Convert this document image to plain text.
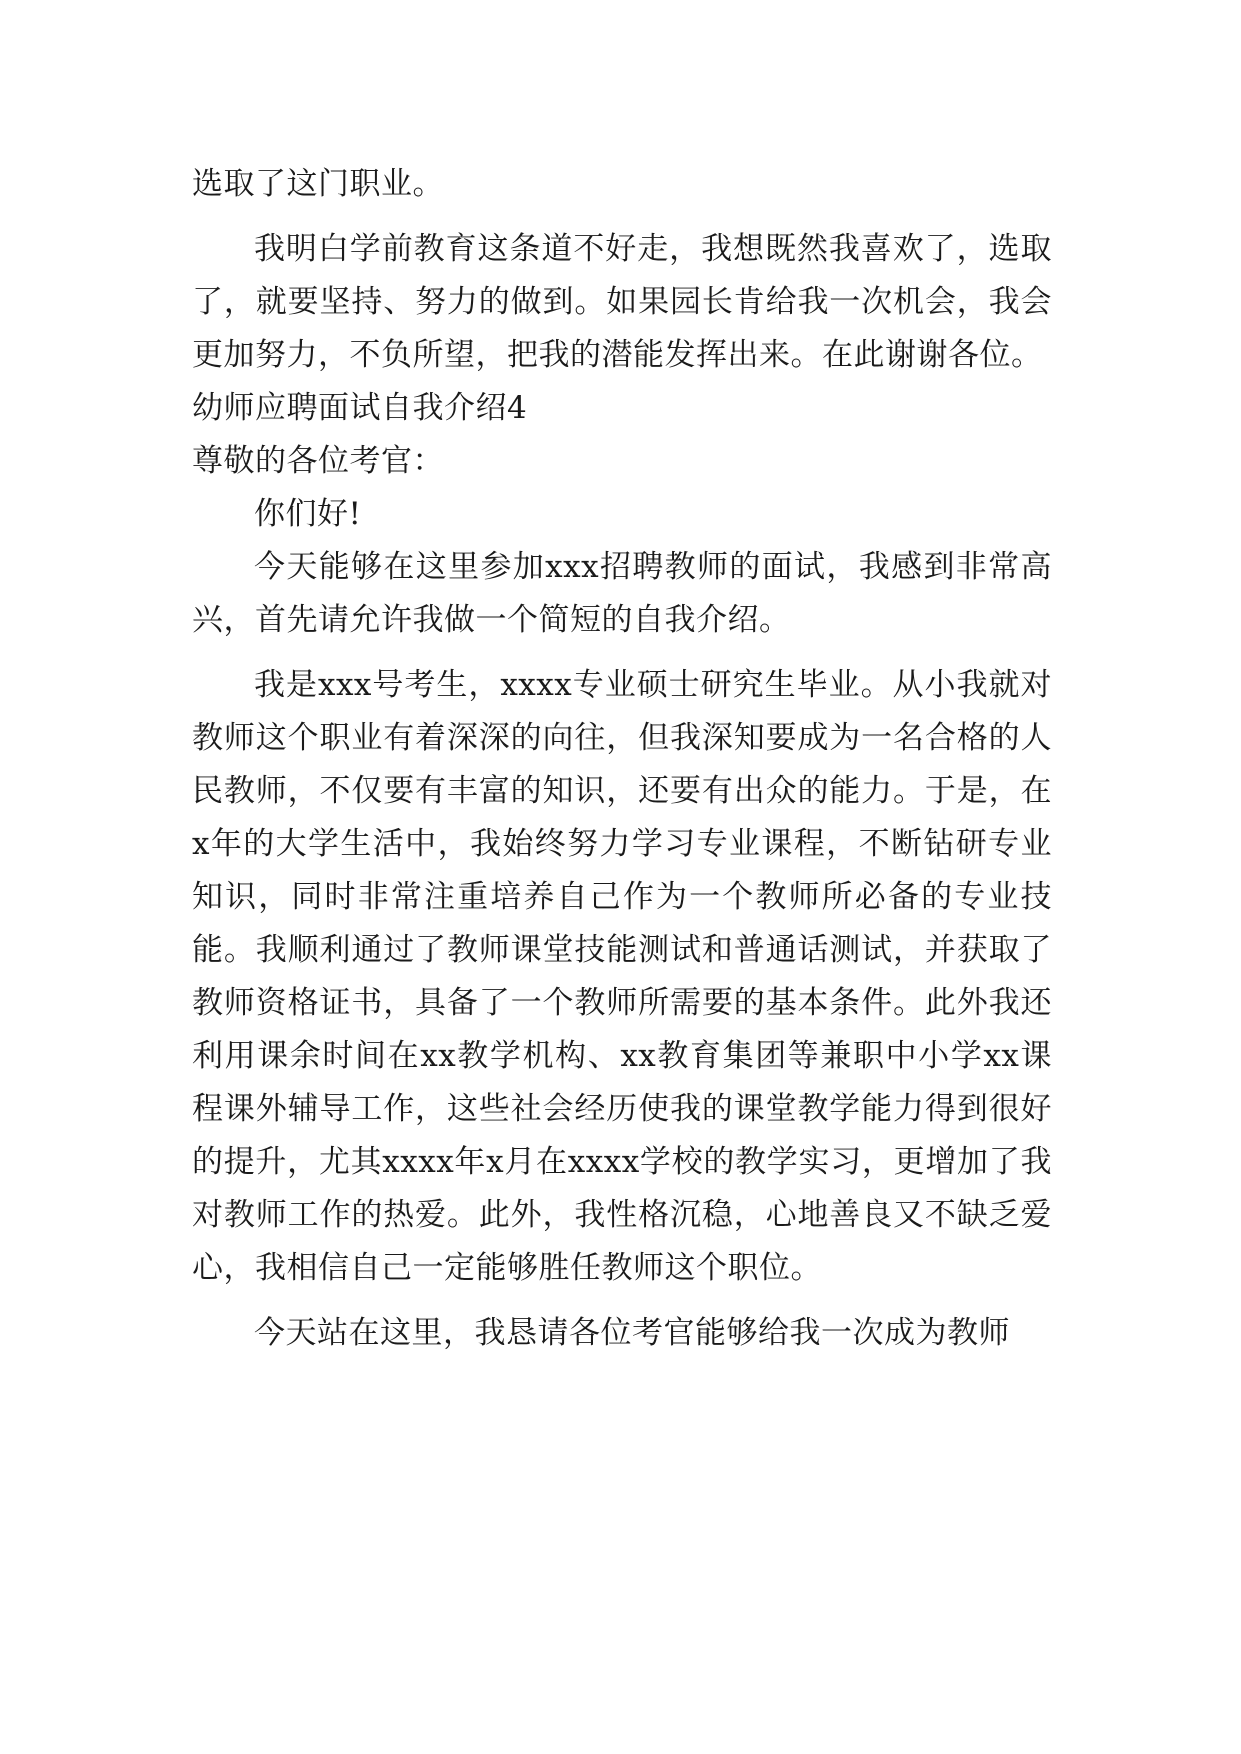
选取了这门职业。

我明白学前教育这条道不好走，我想既然我喜欢了，选取了，就要坚持、努力的做到。如果园长肯给我一次机会，我会更加努力，不负所望，把我的潜能发挥出来。在此谢谢各位。

幼师应聘面试自我介绍4

尊敬的各位考官：

你们好!

今天能够在这里参加xxx招聘教师的面试，我感到非常高兴，首先请允许我做一个简短的自我介绍。

我是xxx号考生，xxxx专业硕士研究生毕业。从小我就对教师这个职业有着深深的向往，但我深知要成为一名合格的人民教师，不仅要有丰富的知识，还要有出众的能力。于是，在x年的大学生活中，我始终努力学习专业课程，不断钻研专业知识，同时非常注重培养自己作为一个教师所必备的专业技能。我顺利通过了教师课堂技能测试和普通话测试，并获取了教师资格证书，具备了一个教师所需要的基本条件。此外我还利用课余时间在xx教学机构、xx教育集团等兼职中小学xx课程课外辅导工作，这些社会经历使我的课堂教学能力得到很好的提升，尤其xxxx年x月在xxxx学校的教学实习，更增加了我对教师工作的热爱。此外，我性格沉稳，心地善良又不缺乏爱心，我相信自己一定能够胜任教师这个职位。

今天站在这里，我恳请各位考官能够给我一次成为教师
